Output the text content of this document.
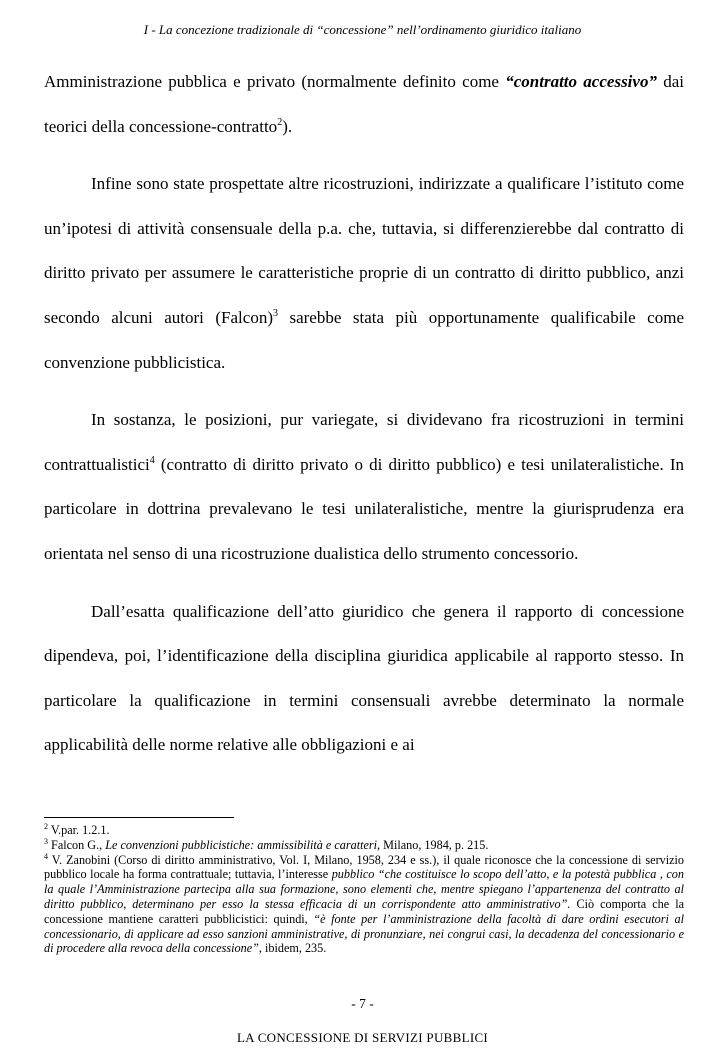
I - La concezione tradizionale di “concessione” nell’ordinamento giuridico italiano

Amministrazione pubblica e privato (normalmente definito come “contratto accessivo” dai teorici della concessione-contratto$^2$).

Infine sono state prospettate altre ricostruzioni, indirizzate a qualificare l’istituto come un’ipotesi di attività consensuale della p.a. che, tuttavia, si differenzierebbe dal contratto di diritto privato per assumere le caratteristiche proprie di un contratto di diritto pubblico, anzi secondo alcuni autori (Falcon)$^3$ sarebbe stata più opportunamente qualificabile come convenzione pubblicistica.

In sostanza, le posizioni, pur variegate, si dividevano fra ricostruzioni in termini contrattualistici$^4$ (contratto di diritto privato o di diritto pubblico) e tesi unilateralistiche. In particolare in dottrina prevalevano le tesi unilateralistiche, mentre la giurisprudenza era orientata nel senso di una ricostruzione dualistica dello strumento concessorio.

Dall’esatta qualificazione dell’atto giuridico che genera il rapporto di concessione dipendeva, poi, l’identificazione della disciplina giuridica applicabile al rapporto stesso. In particolare la qualificazione in termini consensuali avrebbe determinato la normale applicabilità delle norme relative alle obbligazioni e ai

$^2$ V.par. 1.2.1.

$^3$ Falcon G., Le convenzioni pubblicistiche: ammissibilità e caratteri, Milano, 1984, p. 215.

$^4$ V. Zanobini (Corso di diritto amministrativo, Vol. I, Milano, 1958, 234 e ss.), il quale riconosce che la concessione di servizio pubblico locale ha forma contrattuale; tuttavia, l’interesse pubblico “che costituisce lo scopo dell’atto, e la potestà pubblica , con la quale l’Amministrazione partecipa alla sua formazione, sono elementi che, mentre spiegano l’appartenenza del contratto al diritto pubblico, determinano per esso la stessa efficacia di un corrispondente atto amministrativo”. Ciò comporta che la concessione mantiene caratteri pubblicistici: quindi, “è fonte per l’amministrazione della facoltà di dare ordini esecutori al concessionario, di applicare ad esso sanzioni amministrative, di pronunziare, nei congrui casi, la decadenza del concessionario e di procedere alla revoca della concessione”, ibidem, 235.

- 7 -
LA CONCESSIONE DI SERVIZI PUBBLICI
